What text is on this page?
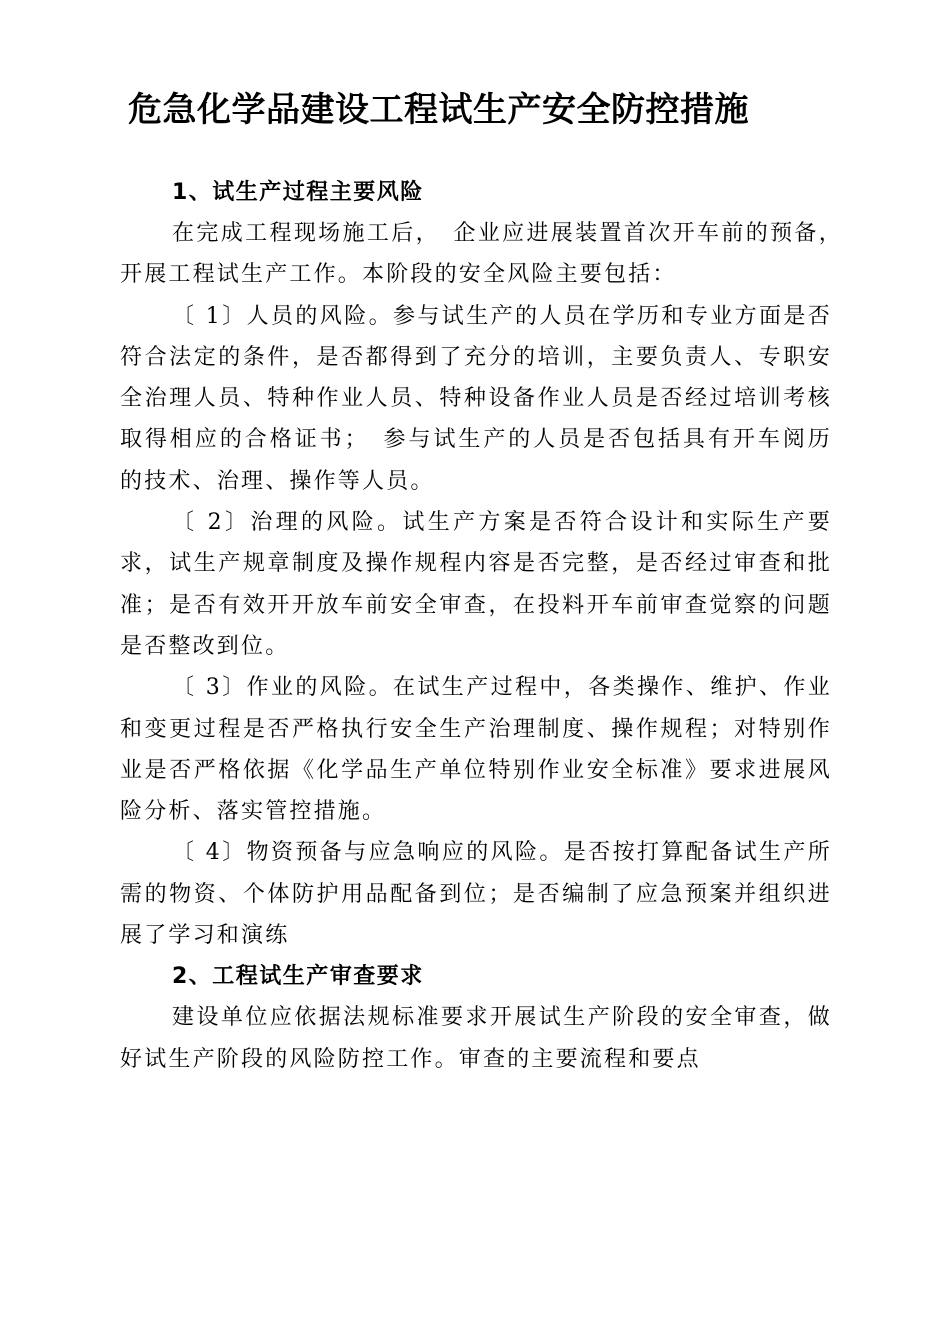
危急化学品建设工程试生产安全防控措施
1、试生产过程主要风险

在完成工程现场施工后，　企业应进展装置首次开车前的预备，　开展工程试生产工作。本阶段的安全风险主要包括：

〔 1〕人员的风险。参与试生产的人员在学历和专业方面是否符合法定的条件，是否都得到了充分的培训，主要负责人、专职安全治理人员、特种作业人员、特种设备作业人员是否经过培训考核取得相应的合格证书；　参与试生产的人员是否包括具有开车阅历的技术、治理、操作等人员。

〔 2〕治理的风险。试生产方案是否符合设计和实际生产要求，试生产规章制度及操作规程内容是否完整，是否经过审查和批准；是否有效开开放车前安全审查，在投料开车前审查觉察的问题是否整改到位。

〔 3〕作业的风险。在试生产过程中，各类操作、维护、作业和变更过程是否严格执行安全生产治理制度、操作规程；对特别作业是否严格依据《化学品生产单位特别作业安全标准》要求进展风险分析、落实管控措施。

〔 4〕物资预备与应急响应的风险。是否按打算配备试生产所需的物资、个体防护用品配备到位；是否编制了应急预案并组织进展了学习和演练

2、工程试生产审查要求

建设单位应依据法规标准要求开展试生产阶段的安全审查，做好试生产阶段的风险防控工作。审查的主要流程和要点
